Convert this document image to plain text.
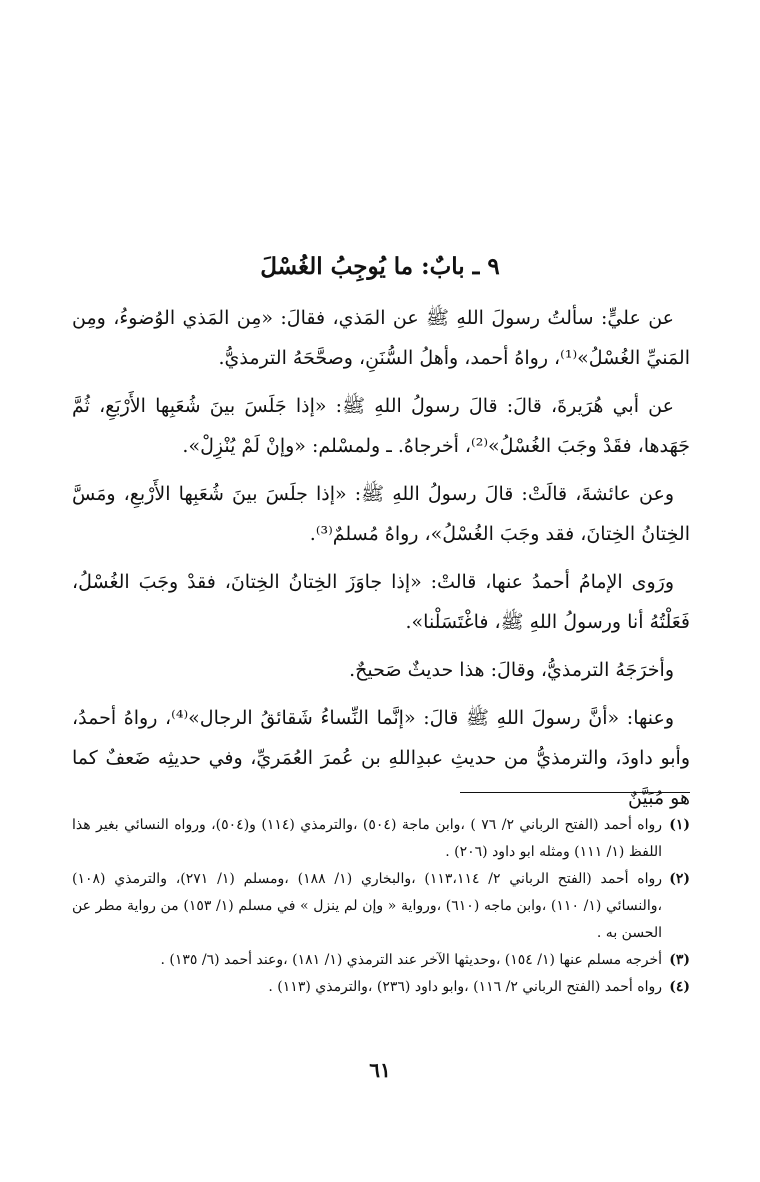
٩ ـ بابٌ: ما يُوجِبُ الغُسْلَ

عن عليٍّ: سألتُ رسولَ اللهِ ﷺ عن المَذي، فقالَ: «مِن المَذي الوُضوءُ، ومِن المَنيِّ الغُسْلُ»⁽¹⁾، رواهُ أحمد، وأهلُ السُّنَنِ، وصحَّحَهُ الترمذيُّ.

عن أبي هُرَيرةَ، قالَ: قالَ رسولُ اللهِ ﷺ: «إذا جَلَسَ بينَ شُعَبِها الأَرْبَعِ، ثُمَّ جَهَدها، فقَدْ وجَبَ الغُسْلُ»⁽²⁾، أخرجاهُ. ـ ولمسْلم: «وإنْ لَمْ يُنْزِلْ».

وعن عائشةَ، قالَتْ: قالَ رسولُ اللهِ ﷺ: «إذا جلَسَ بينَ شُعَبِها الأَرْبعِ، ومَسَّ الخِتانُ الخِتانَ، فقد وجَبَ الغُسْلُ»، رواهُ مُسلمٌ⁽³⁾.

ورَوى الإمامُ أحمدُ عنها، قالتْ: «إذا جاوَزَ الخِتانُ الخِتانَ، فقدْ وجَبَ الغُسْلُ، فَعَلْتُهُ أنا ورسولُ اللهِ ﷺ، فاغْتَسَلْنا».

وأخرَجَهُ الترمذيُّ، وقالَ: هذا حديثٌ صَحيحٌ.

وعنها: «أنَّ رسولَ اللهِ ﷺ قالَ: «إنَّما النِّساءُ شَقائقُ الرجال»⁽⁴⁾، رواهُ أحمدُ، وأبو داودَ، والترمذيُّ من حديثِ عبدِاللهِ بن عُمرَ العُمَريِّ، وفي حديثِه ضَعفٌ كما هو مُبَيَّنٌ

(١)
رواه أحمد (الفتح الرباني ٢/ ٧٦ ) ،وابن ماجة (٥٠٤) ،والترمذي (١١٤) و(٥٠٤)، ورواه النسائي بغير هذا اللفظ (١/ ١١١) ومثله ابو داود (٢٠٦) .
(٢)
رواه أحمد (الفتح الرباني ٢/ ١١٣،١١٤) ،والبخاري (١/ ١٨٨) ،ومسلم (١/ ٢٧١)، والترمذي (١٠٨) ،والنسائي (١/ ١١٠) ،وابن ماجه (٦١٠) ،ورواية « وإن لم ينزل » في مسلم (١/ ١٥٣) من رواية مطر عن الحسن به .
(٣)
أخرجه مسلم عنها (١/ ١٥٤) ،وحديثها الآخر عند الترمذي (١/ ١٨١) ،وعند أحمد (٦/ ١٣٥) .
(٤)
رواه أحمد (الفتح الرباني ٢/ ١١٦) ،وابو داود (٢٣٦) ،والترمذي (١١٣) .
٦١
